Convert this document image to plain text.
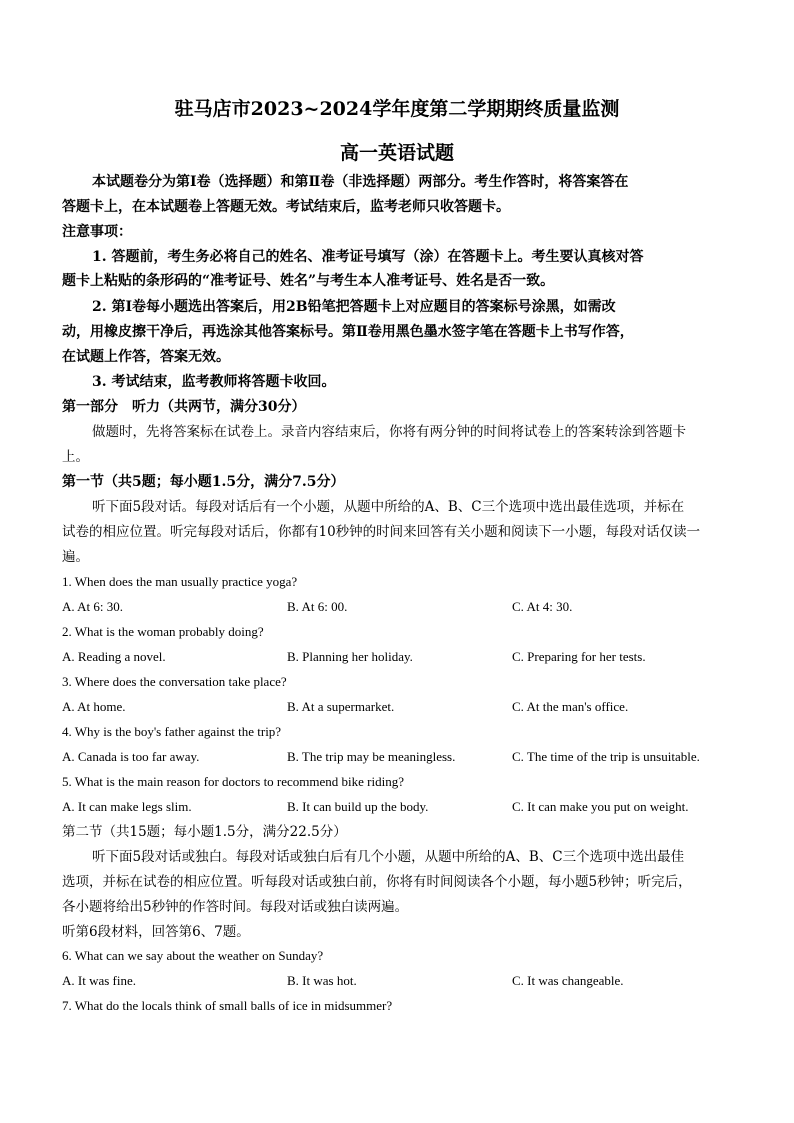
驻马店市2023~2024学年度第二学期期终质量监测
高一英语试题
本试题卷分为第Ⅰ卷（选择题）和第Ⅱ卷（非选择题）两部分。考生作答时，将答案答在
答题卡上，在本试题卷上答题无效。考试结束后，监考老师只收答题卡。
注意事项：
1. 答题前，考生务必将自己的姓名、准考证号填写（涂）在答题卡上。考生要认真核对答
题卡上粘贴的条形码的“准考证号、姓名”与考生本人准考证号、姓名是否一致。
2. 第Ⅰ卷每小题选出答案后，用2B铅笔把答题卡上对应题目的答案标号涂黑，如需改
动，用橡皮擦干净后，再选涂其他答案标号。第Ⅱ卷用黑色墨水签字笔在答题卡上书写作答，
在试题上作答，答案无效。
3. 考试结束，监考教师将答题卡收回。
第一部分　听力（共两节，满分30分）
做题时，先将答案标在试卷上。录音内容结束后，你将有两分钟的时间将试卷上的答案转涂到答题卡
上。
第一节（共5题；每小题1.5分，满分7.5分）
听下面5段对话。每段对话后有一个小题，从题中所给的A、B、C三个选项中选出最佳选项，并标在
试卷的相应位置。听完每段对话后，你都有10秒钟的时间来回答有关小题和阅读下一小题，每段对话仅读一
遍。
1. When does the man usually practice yoga?
A. At 6: 30.	B. At 6: 00.	C. At 4: 30.
2. What is the woman probably doing?
A. Reading a novel.	B. Planning her holiday.	C. Preparing for her tests.
3. Where does the conversation take place?
A. At home.	B. At a supermarket.	C. At the man's office.
4. Why is the boy's father against the trip?
A. Canada is too far away.	B. The trip may be meaningless.	C. The time of the trip is unsuitable.
5. What is the main reason for doctors to recommend bike riding?
A. It can make legs slim.	B. It can build up the body.	C. It can make you put on weight.
第二节（共15题；每小题1.5分，满分22.5分）
听下面5段对话或独白。每段对话或独白后有几个小题，从题中所给的A、B、C三个选项中选出最佳
选项，并标在试卷的相应位置。听每段对话或独白前，你将有时间阅读各个小题，每小题5秒钟；听完后，
各小题将给出5秒钟的作答时间。每段对话或独白读两遍。
听第6段材料，回答第6、7题。
6. What can we say about the weather on Sunday?
A. It was fine.	B. It was hot.	C. It was changeable.
7. What do the locals think of small balls of ice in midsummer?
